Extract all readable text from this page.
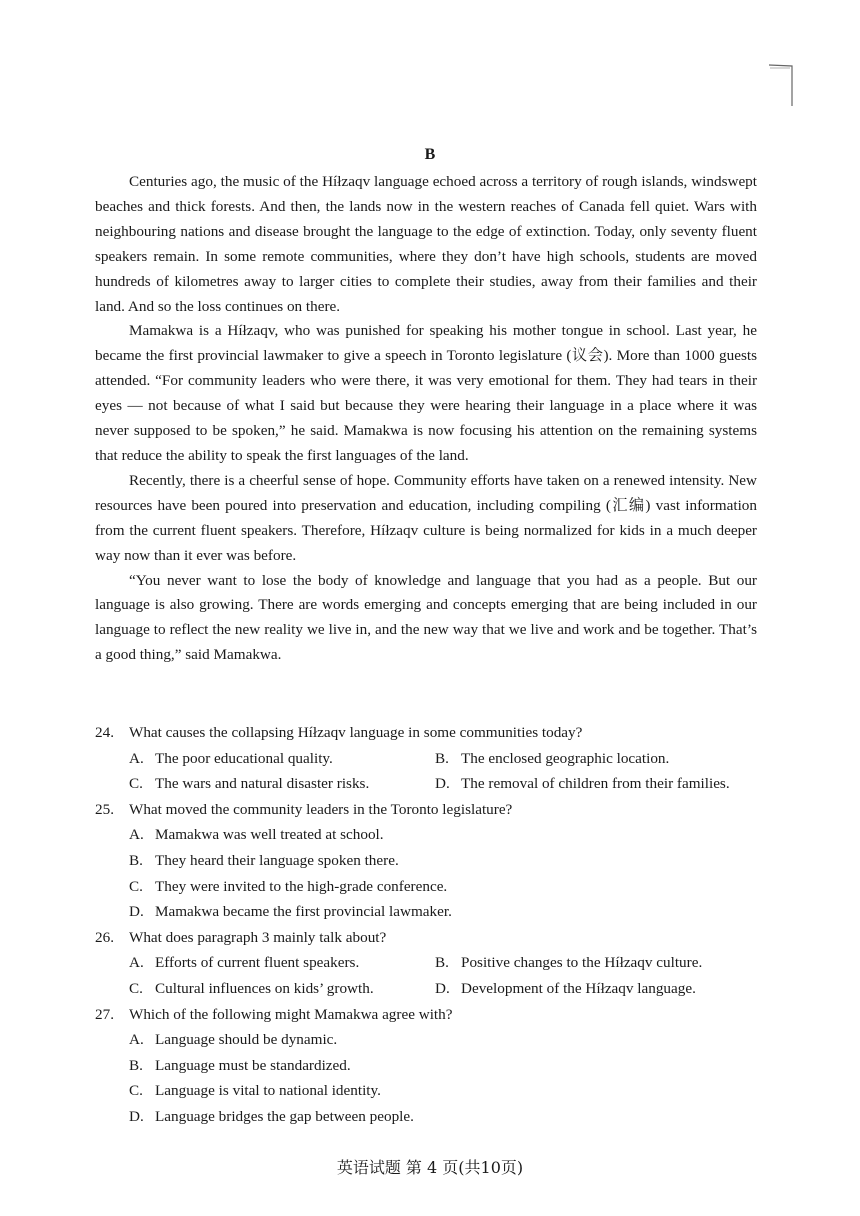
B

Centuries ago, the music of the Híłzaqv language echoed across a territory of rough islands, windswept beaches and thick forests. And then, the lands now in the western reaches of Canada fell quiet. Wars with neighbouring nations and disease brought the language to the edge of extinction. Today, only seventy fluent speakers remain. In some remote communities, where they don’t have high schools, students are moved hundreds of kilometres away to larger cities to complete their studies, away from their families and their land. And so the loss continues on there.

Mamakwa is a Híłzaqv, who was punished for speaking his mother tongue in school. Last year, he became the first provincial lawmaker to give a speech in Toronto legislature (议会). More than 1000 guests attended. “For community leaders who were there, it was very emotional for them. They had tears in their eyes — not because of what I said but because they were hearing their language in a place where it was never supposed to be spoken,” he said. Mamakwa is now focusing his attention on the remaining systems that reduce the ability to speak the first languages of the land.

Recently, there is a cheerful sense of hope. Community efforts have taken on a renewed intensity. New resources have been poured into preservation and education, including compiling (汇编) vast information from the current fluent speakers. Therefore, Híłzaqv culture is being normalized for kids in a much deeper way now than it ever was before.

“You never want to lose the body of knowledge and language that you had as a people. But our language is also growing. There are words emerging and concepts emerging that are being included in our language to reflect the new reality we live in, and the new way that we live and work and be together. That’s a good thing,” said Mamakwa.

24. What causes the collapsing Híłzaqv language in some communities today?

A. The poor educational quality.	B. The enclosed geographic location.
C. The wars and natural disaster risks.	D. The removal of children from their families.

25. What moved the community leaders in the Toronto legislature?

A. Mamakwa was well treated at school.

B. They heard their language spoken there.

C. They were invited to the high-grade conference.

D. Mamakwa became the first provincial lawmaker.

26. What does paragraph 3 mainly talk about?

A. Efforts of current fluent speakers.	B. Positive changes to the Híłzaqv culture.
C. Cultural influences on kids’ growth.	D. Development of the Híłzaqv language.

27. Which of the following might Mamakwa agree with?

A. Language should be dynamic.

B. Language must be standardized.

C. Language is vital to national identity.

D. Language bridges the gap between people.

英语试题 第 4 页(共10页)
